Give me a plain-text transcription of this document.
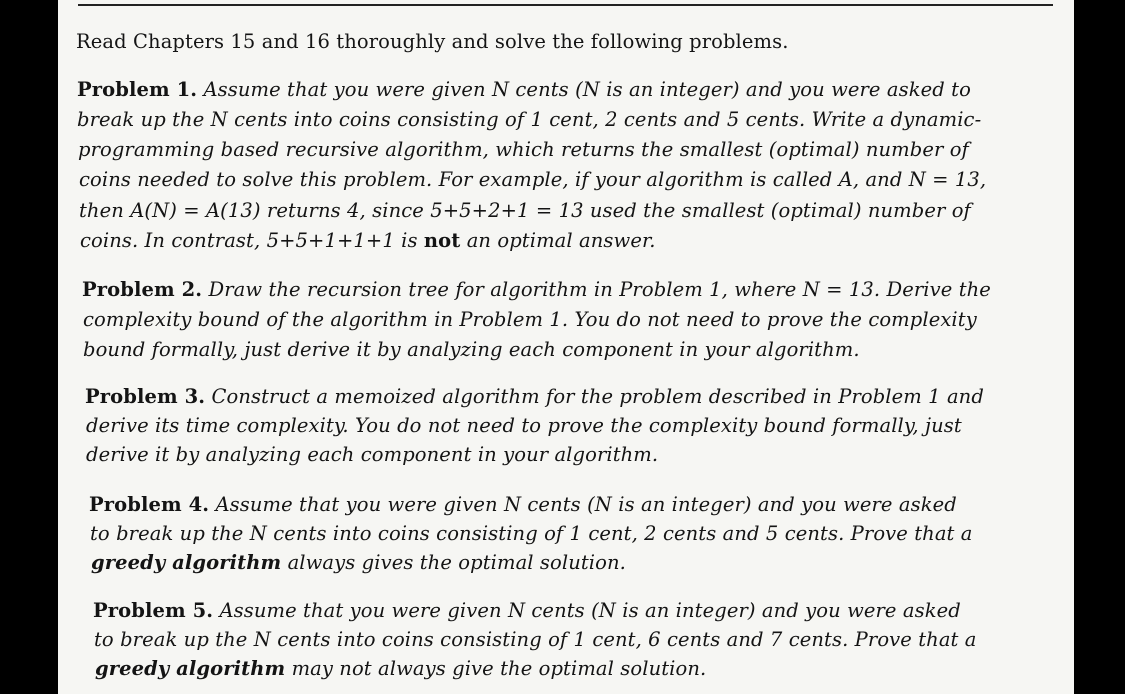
Read Chapters 15 and 16 thoroughly and solve the following problems.
Problem 1. Assume that you were given N cents (N is an integer) and you were asked to
break up the N cents into coins consisting of 1 cent, 2 cents and 5 cents. Write a dynamic-
programming based recursive algorithm, which returns the smallest (optimal) number of
coins needed to solve this problem. For example, if your algorithm is called A, and N = 13,
then A(N) = A(13) returns 4, since 5+5+2+1 = 13 used the smallest (optimal) number of
coins. In contrast, 5+5+1+1+1 is not an optimal answer.
Problem 2. Draw the recursion tree for algorithm in Problem 1, where N = 13. Derive the
complexity bound of the algorithm in Problem 1. You do not need to prove the complexity
bound formally, just derive it by analyzing each component in your algorithm.
Problem 3. Construct a memoized algorithm for the problem described in Problem 1 and
derive its time complexity. You do not need to prove the complexity bound formally, just
derive it by analyzing each component in your algorithm.
Problem 4. Assume that you were given N cents (N is an integer) and you were asked
to break up the N cents into coins consisting of 1 cent, 2 cents and 5 cents. Prove that a
greedy algorithm always gives the optimal solution.
Problem 5. Assume that you were given N cents (N is an integer) and you were asked
to break up the N cents into coins consisting of 1 cent, 6 cents and 7 cents. Prove that a
greedy algorithm may not always give the optimal solution.
